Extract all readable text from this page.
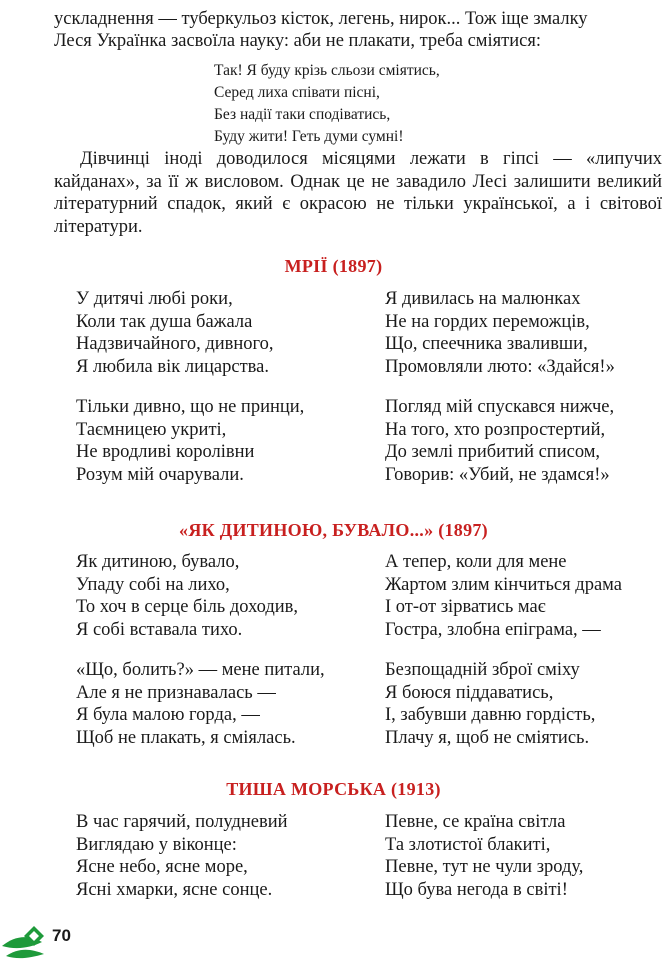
ускладнення — туберкульоз кісток, легень, нирок... Тож іще змалку

Леся Українка засвоїла науку: аби не плакати, треба сміятися:

Так! Я буду крізь сльози сміятись,
Серед лиха співати пісні,
Без надії таки сподіватись,
Буду жити! Геть думи сумні!
Дівчинці іноді доводилося місяцями лежати в гіпсі — «липучих кайданах», за її ж висловом. Однак це не завадило Лесі залишити великий літературний спадок, який є окрасою не тільки української, а і світової літератури.
МРІЇ (1897)
У дитячі любі роки,
Коли так душа бажала
Надзвичайного, дивного,
Я любила вік лицарства.
Тільки дивно, що не принци,
Таємницею укриті,
Не вродливі королівни
Розум мій очарували.
Я дивилась на малюнках
Не на гордих переможців,
Що, спеечника зваливши,
Промовляли люто: «Здайся!»
Погляд мій спускався нижче,
На того, хто розпростертий,
До землі прибитий списом,
Говорив: «Убий, не здамся!»
«ЯК ДИТИНОЮ, БУВАЛО...» (1897)
Як дитиною, бувало,
Упаду собі на лихо,
То хоч в серце біль доходив,
Я собі вставала тихо.
«Що, болить?» — мене питали,
Але я не признавалась —
Я була малою горда, —
Щоб не плакать, я сміялась.
А тепер, коли для мене
Жартом злим кінчиться драма
І от-от зірватись має
Гостра, злобна епіграма, —
Безпощадній зброї сміху
Я боюся піддаватись,
І, забувши давню гордість,
Плачу я, щоб не сміятись.
ТИША МОРСЬКА (1913)
В час гарячий, полудневий
Виглядаю у віконце:
Ясне небо, ясне море,
Ясні хмарки, ясне сонце.
Певне, се країна світла
Та злотистої блакиті,
Певне, тут не чули зроду,
Що бува негода в світі!
70
